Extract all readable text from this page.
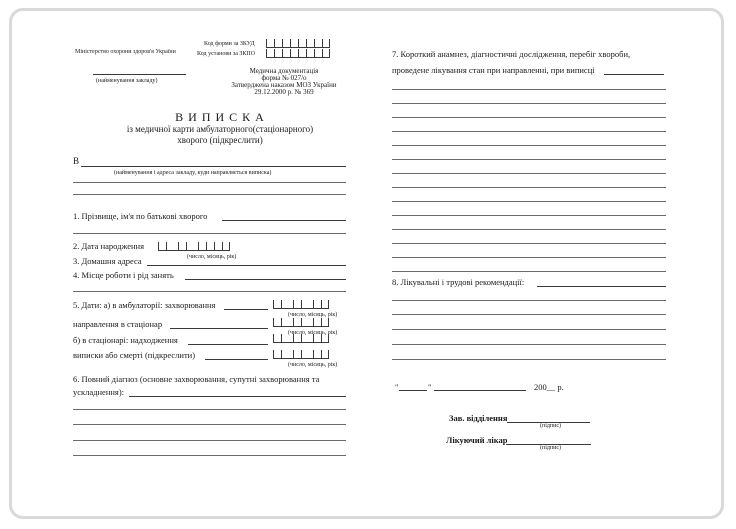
Міністерство охорони здоров'я України
Код форми за ЗКУД
Код установи за ЗКПО
(найменування закладу)
Медична документація
форма № 027/о
Затверджена наказом МОЗ України
29.12.2000 р. № 369
В И П И С К А
із медичної карти амбулаторного(стаціонарного)
хворого (підкреслити)
В
(найменування і адреса закладу, куди направляється виписка)
1. Прізвище, ім'я по батькові хворого
2. Дата народження
(число, місяць, рік)
3. Домашня адреса
4. Місце роботи і рід занять
5. Дати: а) в амбулаторії: захворювання
(число, місяць, рік)
направлення в стаціонар
(число, місяць, рік)
б) в стаціонарі: надходження
виписки або смерті (підкреслити)
(число, місяць, рік)
6. Повний діагноз (основне захворювання, супутні захворювання та
ускладнення):
7. Короткий анамнез, діагностичні дослідження, перебіг хвороби,
проведене лікування стан при направленні, при виписці
8. Лікувальні і трудові рекомендації:
"	"	200__ р.
Зав. відділення
(підпис)
Лікуючий лікар
(підпис)
